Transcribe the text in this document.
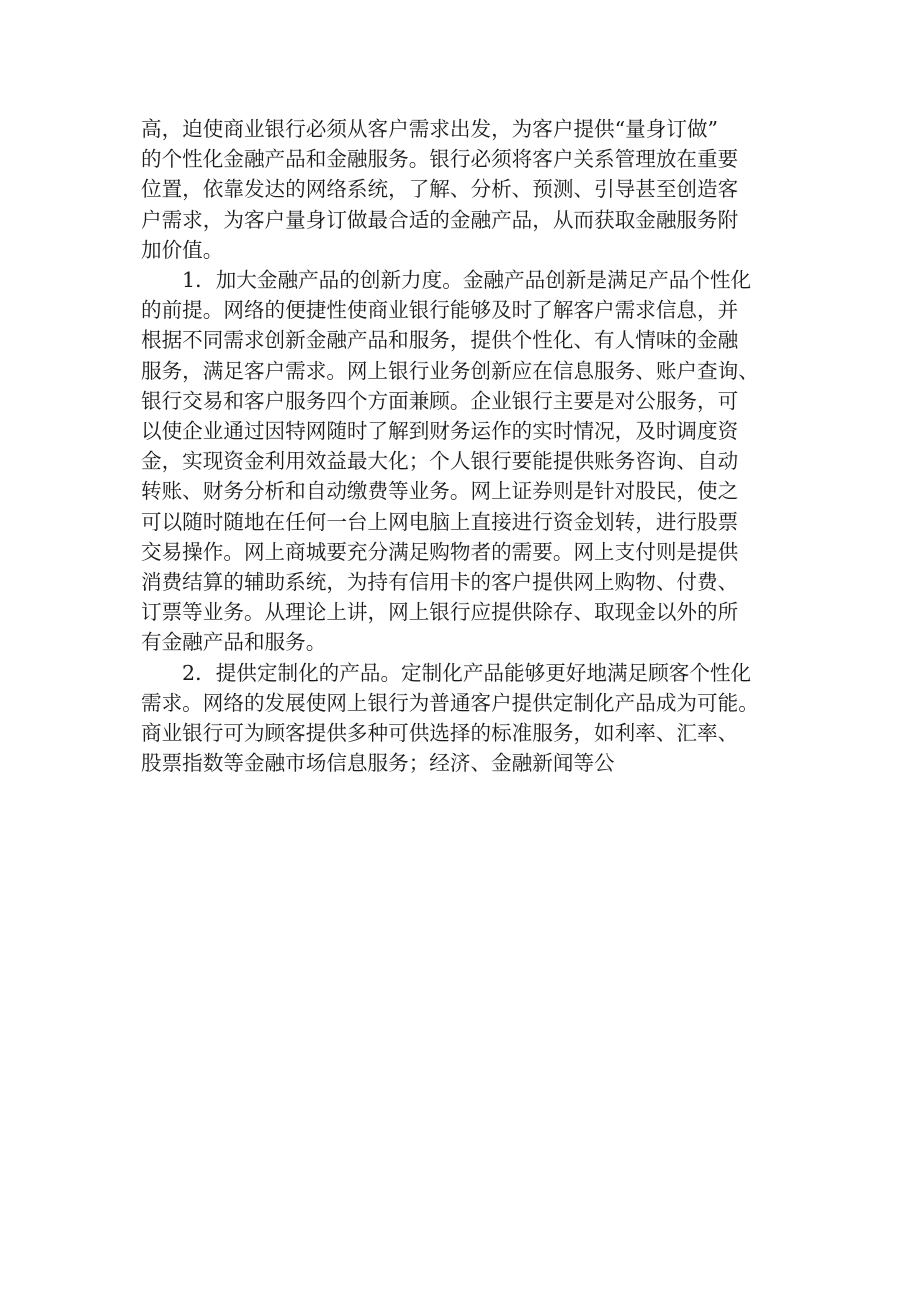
高，迫使商业银行必须从客户需求出发，为客户提供“量身订做”
的个性化金融产品和金融服务。银行必须将客户关系管理放在重要
位置，依靠发达的网络系统，了解、分析、预测、引导甚至创造客
户需求，为客户量身订做最合适的金融产品，从而获取金融服务附
加价值。

1．加大金融产品的创新力度。金融产品创新是满足产品个性化
的前提。网络的便捷性使商业银行能够及时了解客户需求信息，并
根据不同需求创新金融产品和服务，提供个性化、有人情味的金融
服务，满足客户需求。网上银行业务创新应在信息服务、账户查询、
银行交易和客户服务四个方面兼顾。企业银行主要是对公服务，可
以使企业通过因特网随时了解到财务运作的实时情况，及时调度资
金，实现资金利用效益最大化；个人银行要能提供账务咨询、自动
转账、财务分析和自动缴费等业务。网上证券则是针对股民，使之
可以随时随地在任何一台上网电脑上直接进行资金划转，进行股票
交易操作。网上商城要充分满足购物者的需要。网上支付则是提供
消费结算的辅助系统，为持有信用卡的客户提供网上购物、付费、
订票等业务。从理论上讲，网上银行应提供除存、取现金以外的所
有金融产品和服务。

2．提供定制化的产品。定制化产品能够更好地满足顾客个性化
需求。网络的发展使网上银行为普通客户提供定制化产品成为可能。
商业银行可为顾客提供多种可供选择的标准服务，如利率、汇率、
股票指数等金融市场信息服务；经济、金融新闻等公
